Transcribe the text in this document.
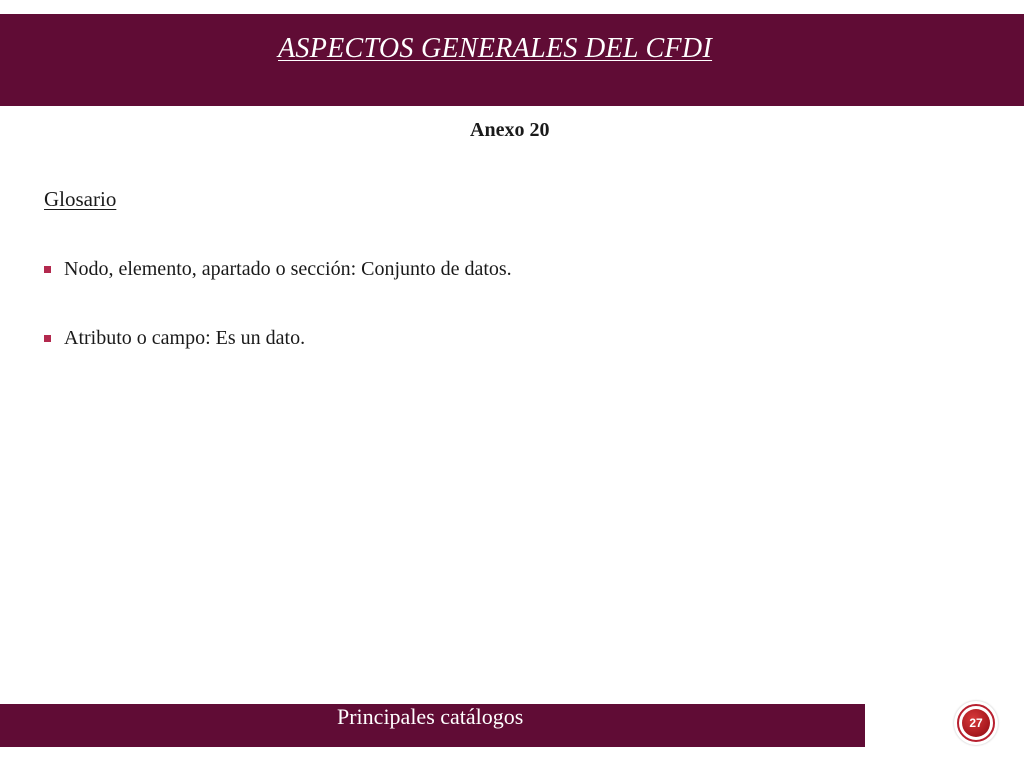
ASPECTOS GENERALES DEL CFDI
Anexo 20
Glosario
Nodo, elemento, apartado o sección: Conjunto de datos.
Atributo o campo: Es un dato.
Principales catálogos	27
